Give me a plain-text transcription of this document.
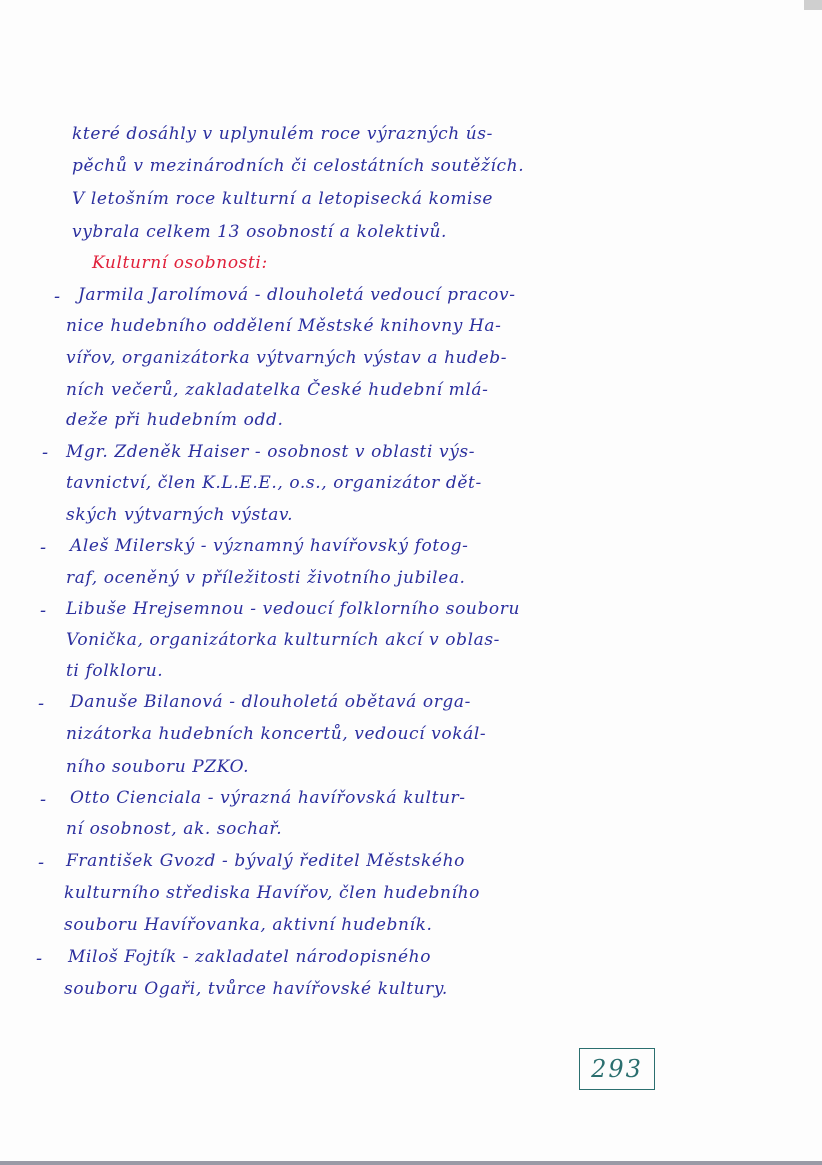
které dosáhly v uplynulém roce výrazných ús-
pěchů v mezinárodních či celostátních soutěžích.
V letošním roce kulturní a letopisecká komise
vybrala celkem 13 osobností a kolektivů.
Kulturní osobnosti:
- Jarmila Jarolímová - dlouholetá vedoucí pracov-
nice hudebního oddělení Městské knihovny Ha-
vířov, organizátorka výtvarných výstav a hudeb-
ních večerů, zakladatelka České hudební mlá-
deže při hudebním odd.
- Mgr. Zdeněk Haiser - osobnost v oblasti výs-
tavnictví, člen K.L.E.E., o.s., organizátor dět-
ských výtvarných výstav.
- Aleš Milerský - významný havířovský fotog-
raf, oceněný v příležitosti životního jubilea.
- Libuše Hrejsemnou - vedoucí folklorního souboru
Vonička, organizátorka kulturních akcí v oblas-
ti folkloru.
- Danuše Bilanová - dlouholetá obětavá orga-
nizátorka hudebních koncertů, vedoucí vokál-
ního souboru PZKO.
- Otto Cienciala - výrazná havířovská kultur-
ní osobnost, ak. sochař.
- František Gvozd - bývalý ředitel Městského
kulturního střediska Havířov, člen hudebního
souboru Havířovanka, aktivní hudebník.
- Miloš Fojtík - zakladatel národopisného
souboru Ogaři, tvůrce havířovské kultury.
293
